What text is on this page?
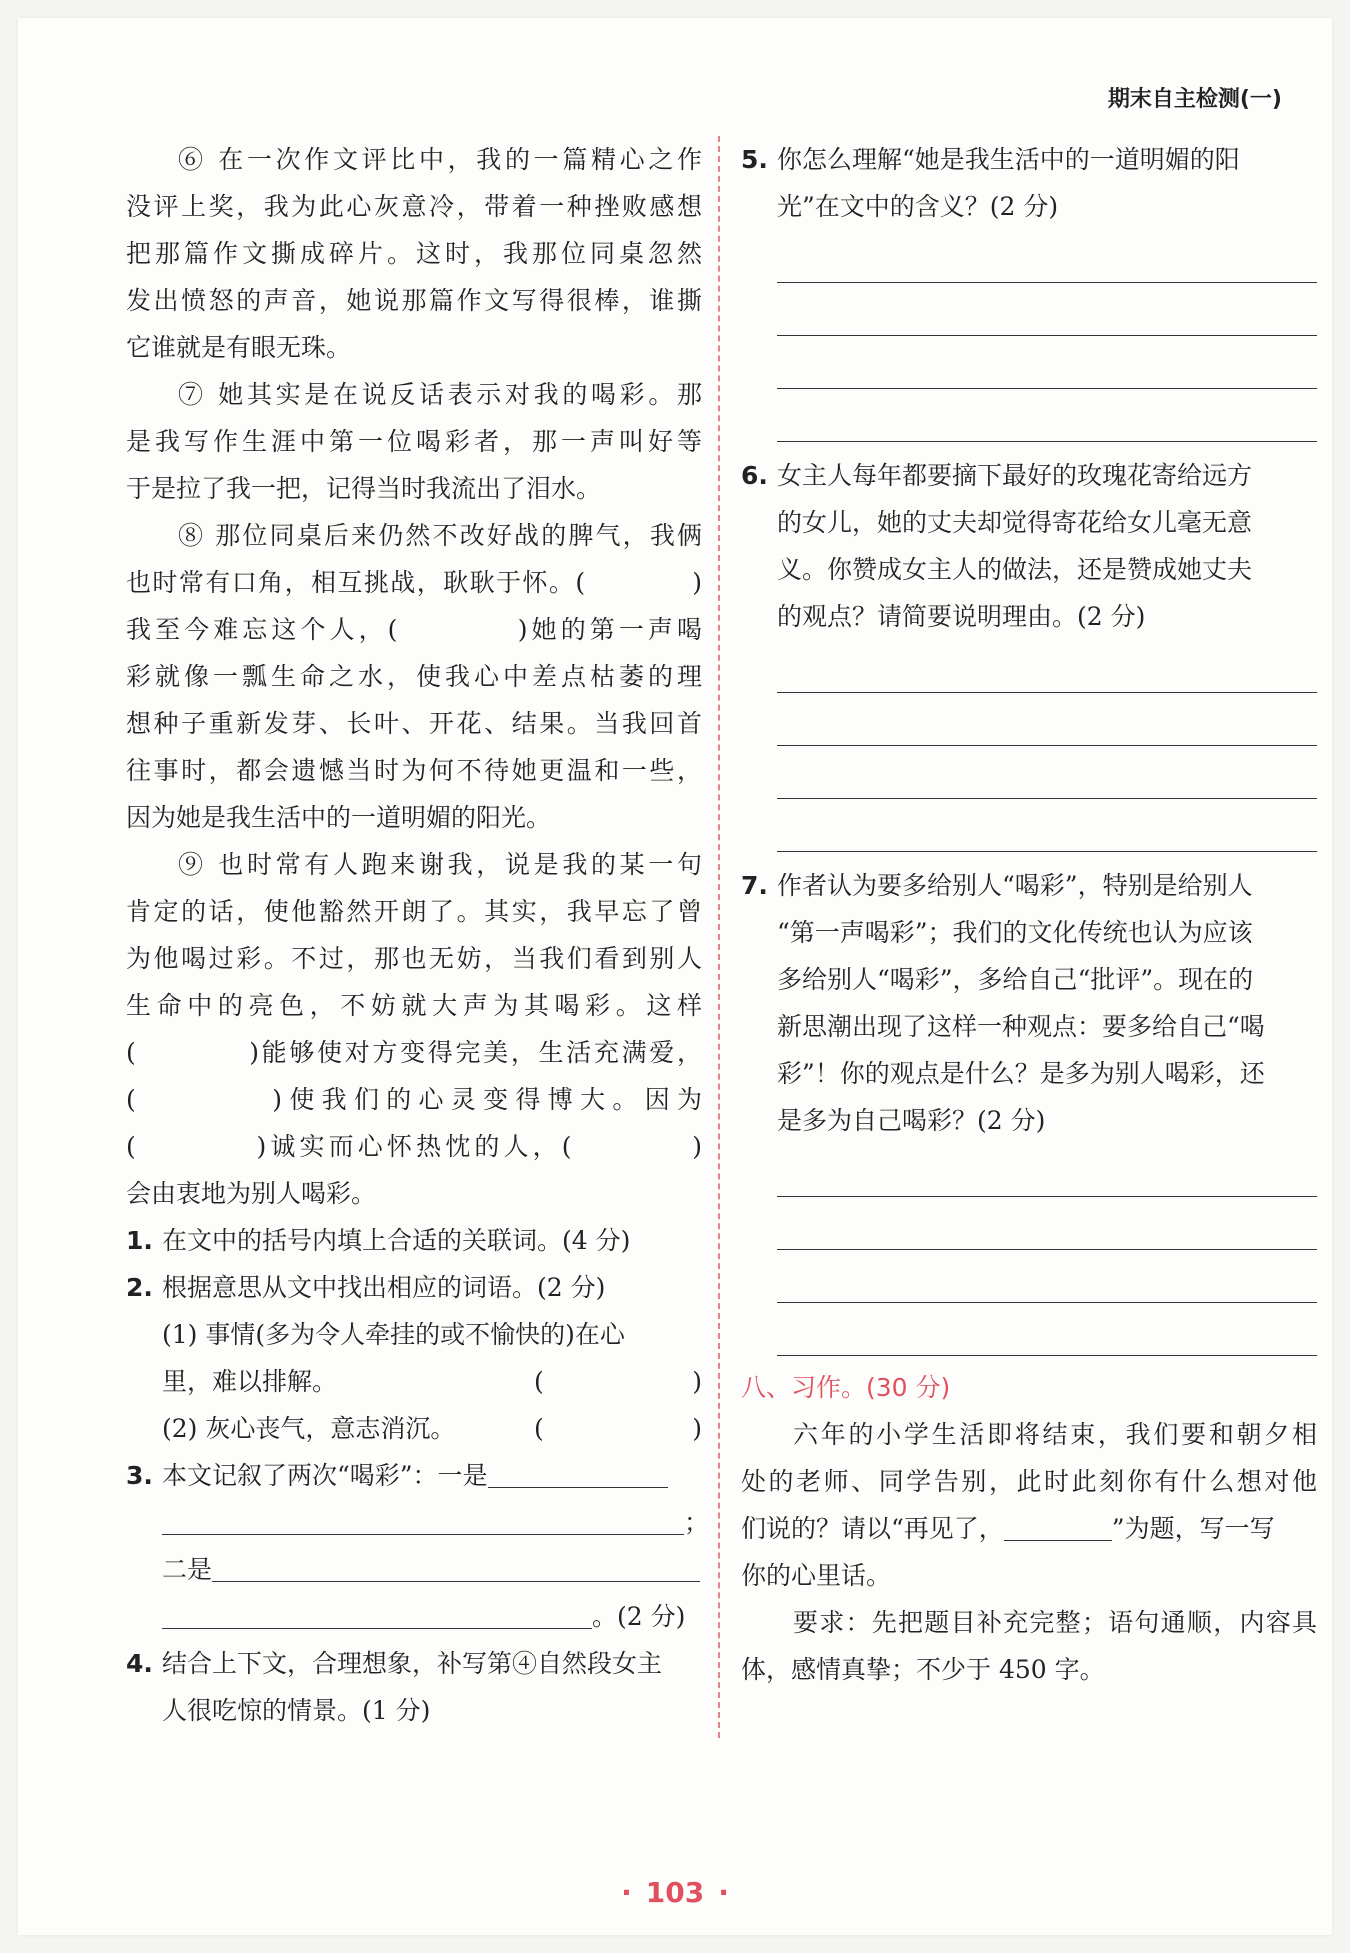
期末自主检测(一)
⑥ 在一次作文评比中，我的一篇精心之作
没评上奖，我为此心灰意冷，带着一种挫败感想
把那篇作文撕成碎片。这时，我那位同桌忽然
发出愤怒的声音，她说那篇作文写得很棒，谁撕
它谁就是有眼无珠。
⑦ 她其实是在说反话表示对我的喝彩。那
是我写作生涯中第一位喝彩者，那一声叫好等
于是拉了我一把，记得当时我流出了泪水。
⑧ 那位同桌后来仍然不改好战的脾气，我俩
也时常有口角，相互挑战，耿耿于怀。(　　　　)
我至今难忘这个人，(　　　　)她的第一声喝
彩就像一瓢生命之水，使我心中差点枯萎的理
想种子重新发芽、长叶、开花、结果。当我回首
往事时，都会遗憾当时为何不待她更温和一些，
因为她是我生活中的一道明媚的阳光。
⑨ 也时常有人跑来谢我，说是我的某一句
肯定的话，使他豁然开朗了。其实，我早忘了曾
为他喝过彩。不过，那也无妨，当我们看到别人
生命中的亮色，不妨就大声为其喝彩。这样
(　　　　)能够使对方变得完美，生活充满爱，
(　　　　)使我们的心灵变得博大。因为
(　　　　)诚实而心怀热忱的人，(　　　　)
会由衷地为别人喝彩。
1. 在文中的括号内填上合适的关联词。(4 分)
2. 根据意思从文中找出相应的词语。(2 分)
(1) 事情(多为令人牵挂的或不愉快的)在心
里，难以排解。	(	)
(2) 灰心丧气，意志消沉。	(	)
3. 本文记叙了两次“喝彩”：一是
；
二是
。(2 分)
4. 结合上下文，合理想象，补写第④自然段女主
人很吃惊的情景。(1 分)
5. 你怎么理解“她是我生活中的一道明媚的阳
光”在文中的含义？(2 分)
6. 女主人每年都要摘下最好的玫瑰花寄给远方
的女儿，她的丈夫却觉得寄花给女儿毫无意
义。你赞成女主人的做法，还是赞成她丈夫
的观点？请简要说明理由。(2 分)
7. 作者认为要多给别人“喝彩”，特别是给别人
“第一声喝彩”；我们的文化传统也认为应该
多给别人“喝彩”，多给自己“批评”。现在的
新思潮出现了这样一种观点：要多给自己“喝
彩”！你的观点是什么？是多为别人喝彩，还
是多为自己喝彩？(2 分)
八、习作。(30 分)
六年的小学生活即将结束，我们要和朝夕相
处的老师、同学告别，此时此刻你有什么想对他
们说的？请以“再见了，	”为题，写一写
你的心里话。
要求：先把题目补充完整；语句通顺，内容具
体，感情真挚；不少于 450 字。
· 103 ·
